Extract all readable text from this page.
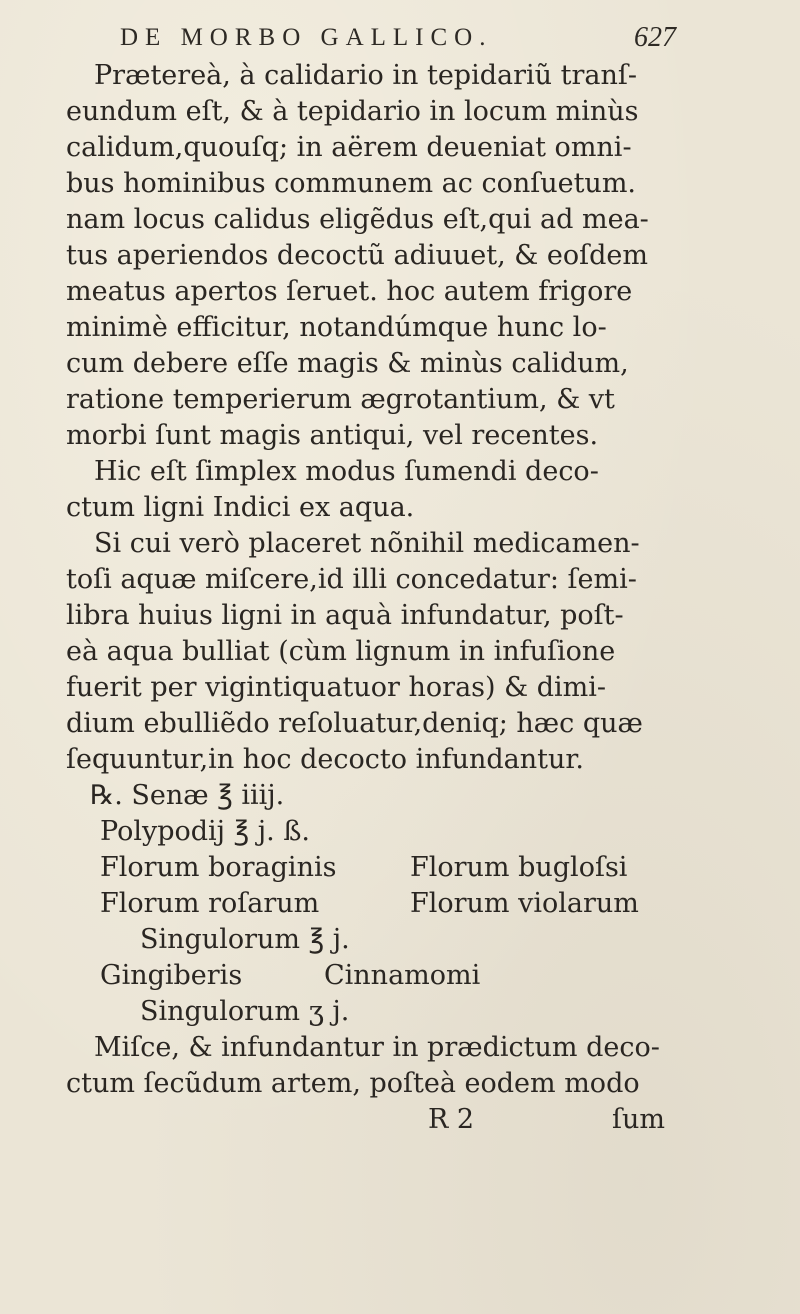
DE MORBO GALLICO.	627
Prӕtereà, à calidario in tepidariũ tranſ-
eundum eſt, & à tepidario in locum minùs
calidum,quouſq; in aërem deueniat omni-
bus hominibus communem ac conſuetum.
nam locus calidus eligẽdus eſt,qui ad mea-
tus aperiendos decoctũ adiuuet, & eoſdem
meatus apertos ſeruet. hoc autem frigore
minimè efficitur, notandúmque hunc lo-
cum debere eſſe magis & minùs calidum,
ratione temperierum ӕgrotantium, & vt
morbi ſunt magis antiqui, vel recentes.
Hic eſt ſimplex modus ſumendi deco-
ctum ligni Indici ex aqua.
Si cui verò placeret nõnihil medicamen-
toſi aquӕ miſcere,id illi concedatur: ſemi-
libra huius ligni in aquà infundatur, poſt-
eà aqua bulliat (cùm lignum in infuſione
fuerit per vigintiquatuor horas) & dimi-
dium ebulliẽdo reſoluatur,deniq; hӕc quӕ
ſequuntur,in hoc decocto infundantur.
℞. Senӕ ℥ iiij.
Polypodij ℥ j. ß.
Florum boraginis	Florum bugloſsi
Florum roſarum	Florum violarum
Singulorum ℥ j.
Gingiberis	Cinnamomi
Singulorum ʒ j.
Miſce, & infundantur in prӕdictum deco-
ctum ſecũdum artem, poſteà eodem modo
R 2	ſum
